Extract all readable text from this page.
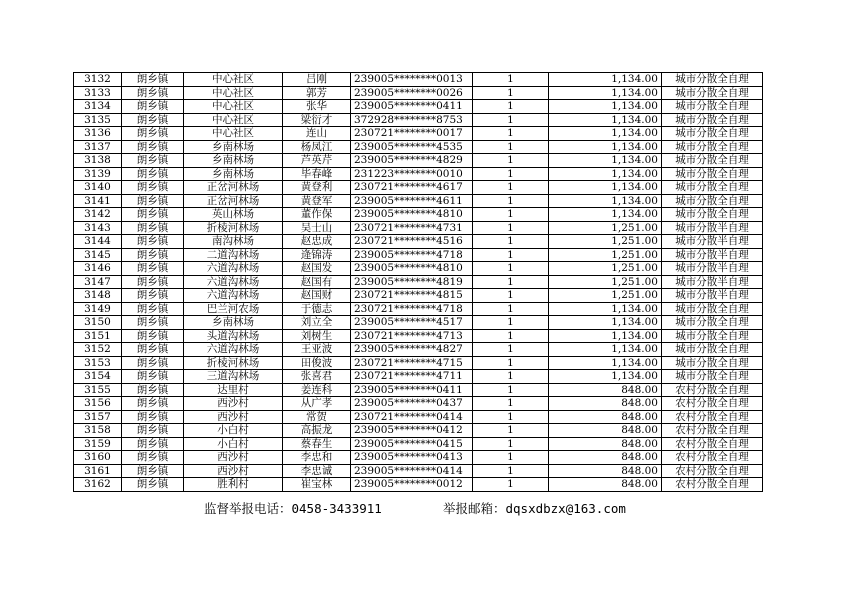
3132	朗乡镇	中心社区	吕刚	239005********0013	1	1,134.00	城市分散全自理
3133	朗乡镇	中心社区	郭芳	239005********0026	1	1,134.00	城市分散全自理
3134	朗乡镇	中心社区	张华	239005********0411	1	1,134.00	城市分散全自理
3135	朗乡镇	中心社区	梁衍才	372928********8753	1	1,134.00	城市分散全自理
3136	朗乡镇	中心社区	连山	230721********0017	1	1,134.00	城市分散全自理
3137	朗乡镇	乡南林场	杨凤江	239005********4535	1	1,134.00	城市分散全自理
3138	朗乡镇	乡南林场	芦英芹	239005********4829	1	1,134.00	城市分散全自理
3139	朗乡镇	乡南林场	毕春峰	231223********0010	1	1,134.00	城市分散全自理
3140	朗乡镇	正岔河林场	黄登利	230721********4617	1	1,134.00	城市分散全自理
3141	朗乡镇	正岔河林场	黄登军	239005********4611	1	1,134.00	城市分散全自理
3142	朗乡镇	英山林场	董作保	239005********4810	1	1,134.00	城市分散全自理
3143	朗乡镇	折棱河林场	吴士山	230721********4731	1	1,251.00	城市分散半自理
3144	朗乡镇	南沟林场	赵忠成	230721********4516	1	1,251.00	城市分散半自理
3145	朗乡镇	二道沟林场	逄锦涛	239005********4718	1	1,251.00	城市分散半自理
3146	朗乡镇	六道沟林场	赵国发	239005********4810	1	1,251.00	城市分散半自理
3147	朗乡镇	六道沟林场	赵国有	239005********4819	1	1,251.00	城市分散半自理
3148	朗乡镇	六道沟林场	赵国财	230721********4815	1	1,251.00	城市分散半自理
3149	朗乡镇	巴兰河农场	于德志	230721********4718	1	1,134.00	城市分散全自理
3150	朗乡镇	乡南林场	刘立全	239005********4517	1	1,134.00	城市分散全自理
3151	朗乡镇	头道沟林场	刘树生	230721********4713	1	1,134.00	城市分散全自理
3152	朗乡镇	六道沟林场	王亚波	239005********4827	1	1,134.00	城市分散全自理
3153	朗乡镇	折棱河林场	田俊波	230721********4715	1	1,134.00	城市分散全自理
3154	朗乡镇	三道沟林场	张喜君	230721********4711	1	1,134.00	城市分散全自理
3155	朗乡镇	达里村	姜连科	239005********0411	1	848.00	农村分散全自理
3156	朗乡镇	西沙村	从广孝	239005********0437	1	848.00	农村分散全自理
3157	朗乡镇	西沙村	常贺	230721********0414	1	848.00	农村分散全自理
3158	朗乡镇	小白村	高振龙	239005********0412	1	848.00	农村分散全自理
3159	朗乡镇	小白村	蔡春生	239005********0415	1	848.00	农村分散全自理
3160	朗乡镇	西沙村	李忠和	239005********0413	1	848.00	农村分散全自理
3161	朗乡镇	西沙村	李忠诚	239005********0414	1	848.00	农村分散全自理
3162	朗乡镇	胜利村	崔宝林	239005********0012	1	848.00	农村分散全自理
监督举报电话：0458-3433911	举报邮箱：dqsxdbzx@163.com
